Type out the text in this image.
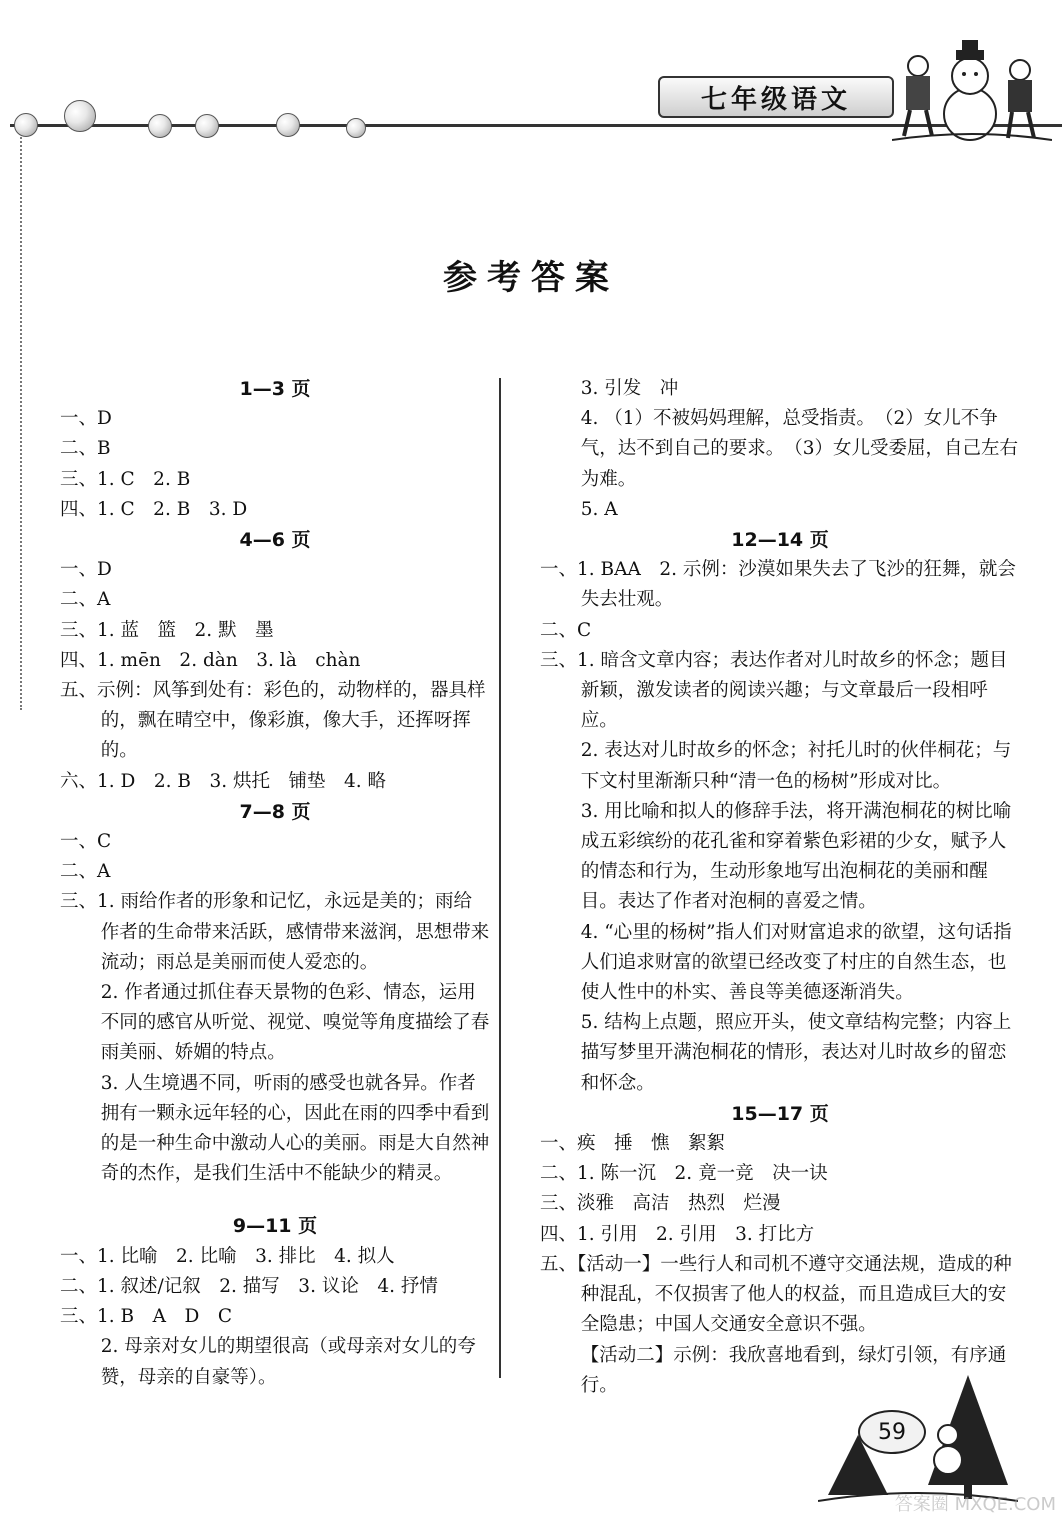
七年级语文
参考答案
1—3 页
一、D
二、B
三、1. C　2. B
四、1. C　2. B　3. D
4—6 页
一、D
二、A
三、1. 蓝　篮　2. 默　墨
四、1. mēn　2. dàn　3. là　chàn
五、示例：风筝到处有：彩色的，动物样的，器具样的，飘在晴空中，像彩旗，像大手，还挥呀挥的。
六、1. D　2. B　3. 烘托　铺垫　4. 略
7—8 页
一、C
二、A
三、1. 雨给作者的形象和记忆，永远是美的；雨给作者的生命带来活跃，感情带来滋润，思想带来流动；雨总是美丽而使人爱恋的。
2. 作者通过抓住春天景物的色彩、情态，运用不同的感官从听觉、视觉、嗅觉等角度描绘了春雨美丽、娇媚的特点。
3. 人生境遇不同，听雨的感受也就各异。作者拥有一颗永远年轻的心，因此在雨的四季中看到的是一种生命中激动人心的美丽。雨是大自然神奇的杰作，是我们生活中不能缺少的精灵。
9—11 页
一、1. 比喻　2. 比喻　3. 排比　4. 拟人
二、1. 叙述/记叙　2. 描写　3. 议论　4. 抒情
三、1. B　A　D　C
2. 母亲对女儿的期望很高（或母亲对女儿的夸赞，母亲的自豪等）。
3. 引发　冲
4. （1）不被妈妈理解，总受指责。　（2）女儿不争气，达不到自己的要求。　（3）女儿受委屈，自己左右为难。
5. A
12—14 页
一、1. BAA　2. 示例：沙漠如果失去了飞沙的狂舞，就会失去壮观。
二、C
三、1. 暗含文章内容；表达作者对儿时故乡的怀念；题目新颖，激发读者的阅读兴趣；与文章最后一段相呼应。
2. 表达对儿时故乡的怀念；衬托儿时的伙伴桐花；与下文村里渐渐只种“清一色的杨树”形成对比。
3. 用比喻和拟人的修辞手法，将开满泡桐花的树比喻成五彩缤纷的花孔雀和穿着紫色彩裙的少女，赋予人的情态和行为，生动形象地写出泡桐花的美丽和醒目。表达了作者对泡桐的喜爱之情。
4. “心里的杨树”指人们对财富追求的欲望，这句话指人们追求财富的欲望已经改变了村庄的自然生态，也使人性中的朴实、善良等美德逐渐消失。
5. 结构上点题，照应开头，使文章结构完整；内容上描写梦里开满泡桐花的情形，表达对儿时故乡的留恋和怀念。
15—17 页
一、痪　捶　憔　絮絮
二、1. 陈一沉　2. 竟一竞　决一诀
三、淡雅　高洁　热烈　烂漫
四、1. 引用　2. 引用　3. 打比方
五、【活动一】一些行人和司机不遵守交通法规，造成的种种混乱，不仅损害了他人的权益，而且造成巨大的安全隐患；中国人交通安全意识不强。
【活动二】示例：我欣喜地看到，绿灯引领，有序通行。
59
答案圈 MXQE.COM
